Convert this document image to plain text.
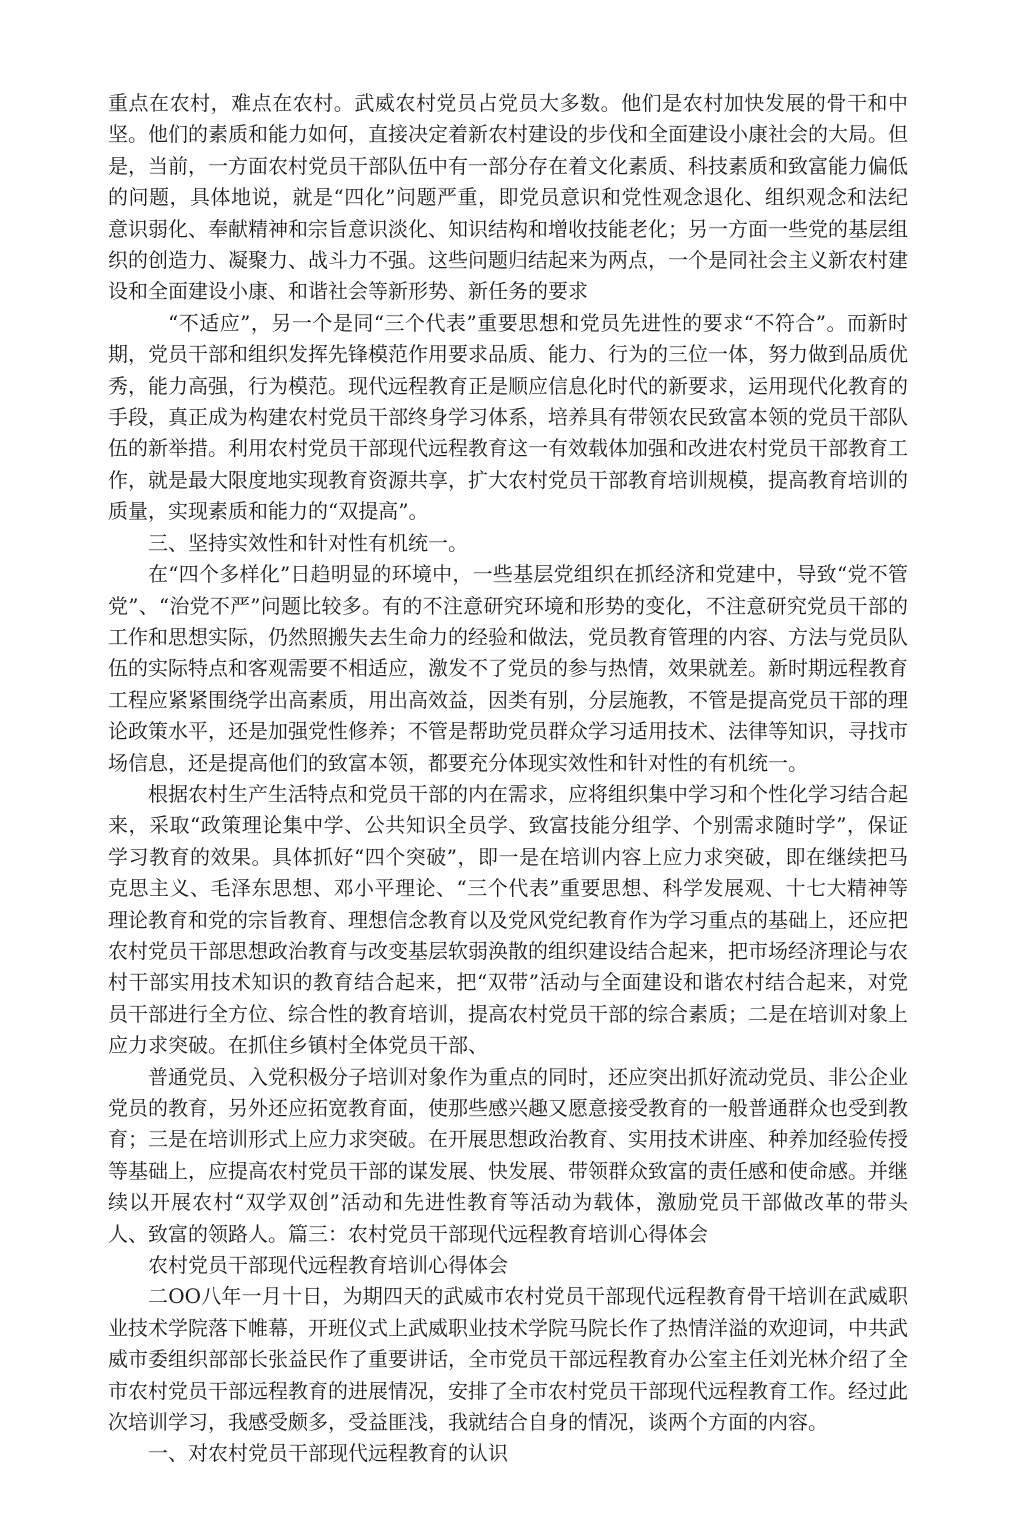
重点在农村，难点在农村。武威农村党员占党员大多数。他们是农村加快发展的骨干和中坚。他们的素质和能力如何，直接决定着新农村建设的步伐和全面建设小康社会的大局。但是，当前，一方面农村党员干部队伍中有一部分存在着文化素质、科技素质和致富能力偏低的问题，具体地说，就是“四化”问题严重，即党员意识和党性观念退化、组织观念和法纪意识弱化、奉献精神和宗旨意识淡化、知识结构和增收技能老化；另一方面一些党的基层组织的创造力、凝聚力、战斗力不强。这些问题归结起来为两点，一个是同社会主义新农村建设和全面建设小康、和谐社会等新形势、新任务的要求

“不适应”，另一个是同“三个代表”重要思想和党员先进性的要求“不符合”。而新时期，党员干部和组织发挥先锋模范作用要求品质、能力、行为的三位一体，努力做到品质优秀，能力高强，行为模范。现代远程教育正是顺应信息化时代的新要求，运用现代化教育的手段，真正成为构建农村党员干部终身学习体系，培养具有带领农民致富本领的党员干部队伍的新举措。利用农村党员干部现代远程教育这一有效载体加强和改进农村党员干部教育工作，就是最大限度地实现教育资源共享，扩大农村党员干部教育培训规模，提高教育培训的质量，实现素质和能力的“双提高”。

三、坚持实效性和针对性有机统一。

在“四个多样化”日趋明显的环境中，一些基层党组织在抓经济和党建中，导致“党不管党”、“治党不严”问题比较多。有的不注意研究环境和形势的变化，不注意研究党员干部的工作和思想实际，仍然照搬失去生命力的经验和做法，党员教育管理的内容、方法与党员队伍的实际特点和客观需要不相适应，激发不了党员的参与热情，效果就差。新时期远程教育工程应紧紧围绕学出高素质，用出高效益，因类有别，分层施教，不管是提高党员干部的理论政策水平，还是加强党性修养；不管是帮助党员群众学习适用技术、法律等知识，寻找市场信息，还是提高他们的致富本领，都要充分体现实效性和针对性的有机统一。

根据农村生产生活特点和党员干部的内在需求，应将组织集中学习和个性化学习结合起来，采取“政策理论集中学、公共知识全员学、致富技能分组学、个别需求随时学”，保证学习教育的效果。具体抓好“四个突破”，即一是在培训内容上应力求突破，即在继续把马克思主义、毛泽东思想、邓小平理论、“三个代表”重要思想、科学发展观、十七大精神等理论教育和党的宗旨教育、理想信念教育以及党风党纪教育作为学习重点的基础上，还应把农村党员干部思想政治教育与改变基层软弱涣散的组织建设结合起来，把市场经济理论与农村干部实用技术知识的教育结合起来，把“双带”活动与全面建设和谐农村结合起来，对党员干部进行全方位、综合性的教育培训，提高农村党员干部的综合素质；二是在培训对象上应力求突破。在抓住乡镇村全体党员干部、

普通党员、入党积极分子培训对象作为重点的同时，还应突出抓好流动党员、非公企业党员的教育，另外还应拓宽教育面，使那些感兴趣又愿意接受教育的一般普通群众也受到教育；三是在培训形式上应力求突破。在开展思想政治教育、实用技术讲座、种养加经验传授等基础上，应提高农村党员干部的谋发展、快发展、带领群众致富的责任感和使命感。并继续以开展农村“双学双创”活动和先进性教育等活动为载体，激励党员干部做改革的带头人、致富的领路人。篇三：农村党员干部现代远程教育培训心得体会

农村党员干部现代远程教育培训心得体会

二ΟΟ八年一月十日，为期四天的武威市农村党员干部现代远程教育骨干培训在武威职业技术学院落下帷幕，开班仪式上武威职业技术学院马院长作了热情洋溢的欢迎词，中共武威市委组织部部长张益民作了重要讲话，全市党员干部远程教育办公室主任刘光林介绍了全市农村党员干部远程教育的进展情况，安排了全市农村党员干部现代远程教育工作。经过此次培训学习，我感受颇多，受益匪浅，我就结合自身的情况，谈两个方面的内容。

一、对农村党员干部现代远程教育的认识
